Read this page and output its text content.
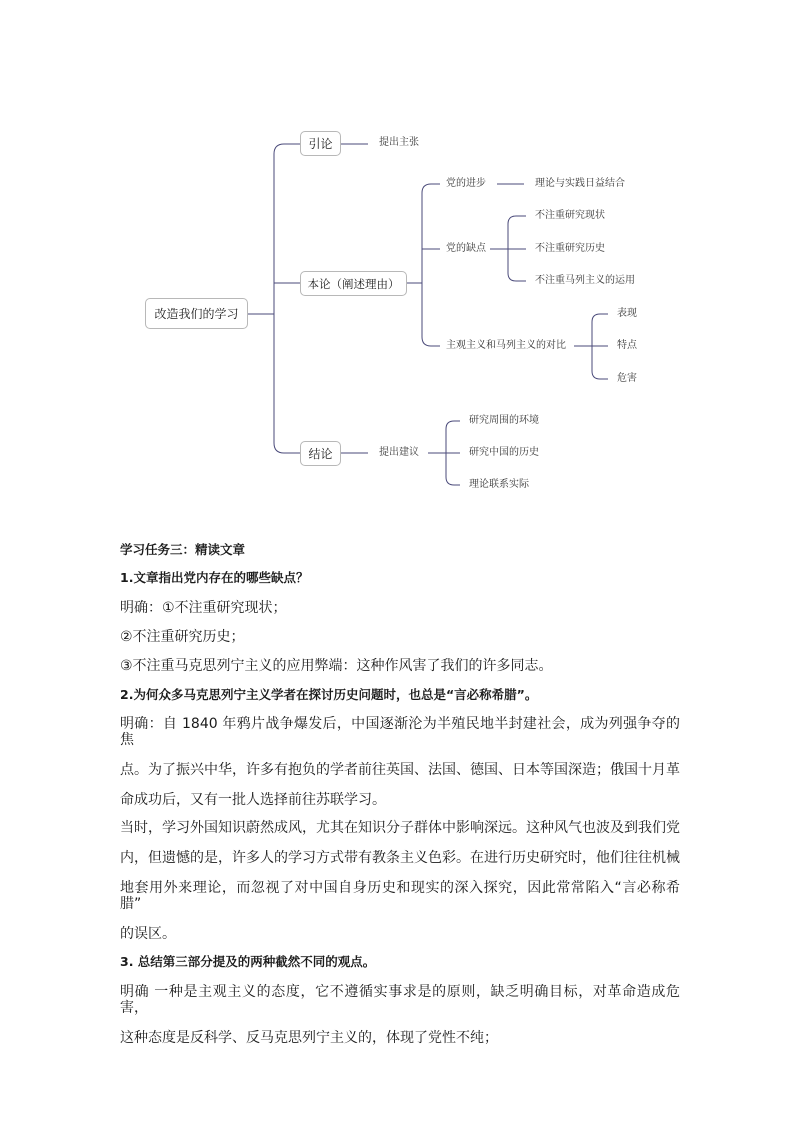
改造我们的学习
引论	提出主张
本论（阐述理由）
党的进步	理论与实践日益结合
党的缺点
不注重研究现状
不注重研究历史
不注重马列主义的运用
主观主义和马列主义的对比
表现
特点
危害
结论	提出建议
研究周围的环境
研究中国的历史
理论联系实际

学习任务三：精读文章

1.文章指出党内存在的哪些缺点？

明确：①不注重研究现状；

②不注重研究历史；

③不注重马克思列宁主义的应用弊端：这种作风害了我们的许多同志。

2.为何众多马克思列宁主义学者在探讨历史问题时，也总是“言必称希腊”。

明确：自 1840 年鸦片战争爆发后，中国逐渐沦为半殖民地半封建社会，成为列强争夺的焦

点。为了振兴中华，许多有抱负的学者前往英国、法国、德国、日本等国深造；俄国十月革

命成功后，又有一批人选择前往苏联学习。

当时，学习外国知识蔚然成风，尤其在知识分子群体中影响深远。这种风气也波及到我们党

内，但遗憾的是，许多人的学习方式带有教条主义色彩。在进行历史研究时，他们往往机械

地套用外来理论，而忽视了对中国自身历史和现实的深入探究，因此常常陷入“言必称希腊”

的误区。

3. 总结第三部分提及的两种截然不同的观点。

明确 一种是主观主义的态度，它不遵循实事求是的原则，缺乏明确目标，对革命造成危害，

这种态度是反科学、反马克思列宁主义的，体现了党性不纯；
